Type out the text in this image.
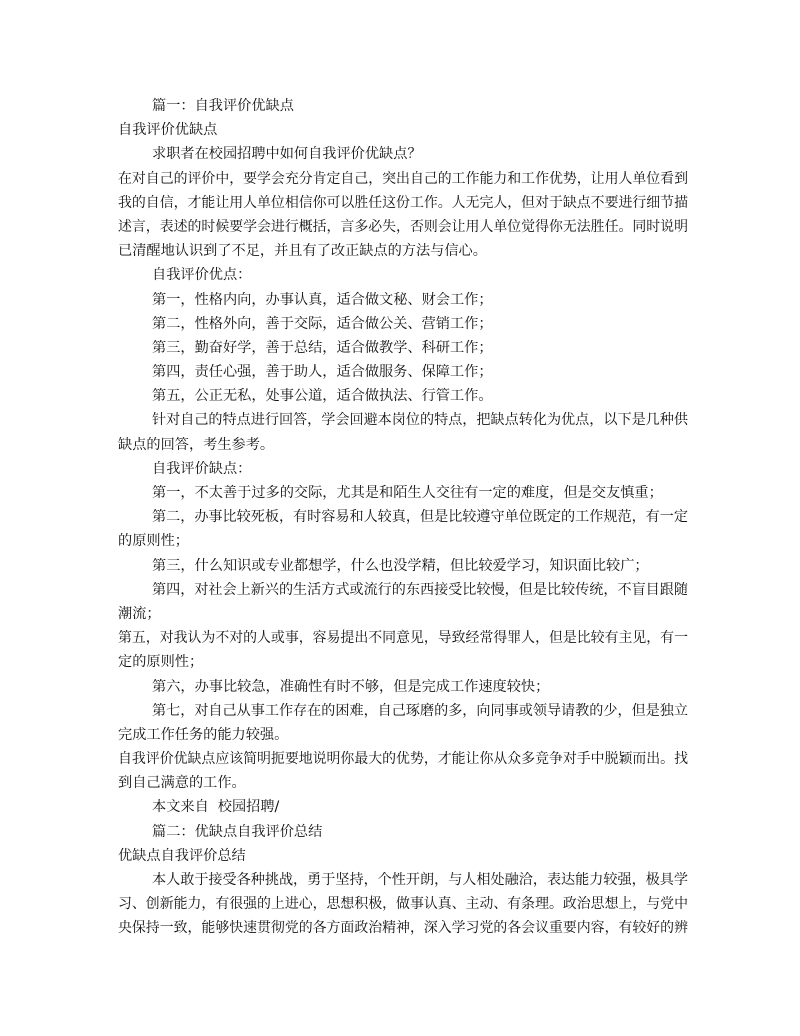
篇一：自我评价优缺点
自我评价优缺点
求职者在校园招聘中如何自我评价优缺点？
在对自己的评价中，要学会充分肯定自己，突出自己的工作能力和工作优势，让用人单位看到
我的自信，才能让用人单位相信你可以胜任这份工作。人无完人，但对于缺点不要进行细节描
述言，表述的时候要学会进行概括，言多必失，否则会让用人单位觉得你无法胜任。同时说明
已清醒地认识到了不足，并且有了改正缺点的方法与信心。
自我评价优点：
第一，性格内向，办事认真，适合做文秘、财会工作；
第二，性格外向，善于交际，适合做公关、营销工作；
第三，勤奋好学，善于总结，适合做教学、科研工作；
第四，责任心强，善于助人，适合做服务、保障工作；
第五，公正无私，处事公道，适合做执法、行管工作。
针对自己的特点进行回答，学会回避本岗位的特点，把缺点转化为优点，以下是几种供
缺点的回答，考生参考。
自我评价缺点：
第一，不太善于过多的交际，尤其是和陌生人交往有一定的难度，但是交友慎重；
第二，办事比较死板，有时容易和人较真，但是比较遵守单位既定的工作规范，有一定
的原则性；
第三，什么知识或专业都想学，什么也没学精，但比较爱学习，知识面比较广；
第四，对社会上新兴的生活方式或流行的东西接受比较慢，但是比较传统，不盲目跟随
潮流；
第五，对我认为不对的人或事，容易提出不同意见，导致经常得罪人，但是比较有主见，有一
定的原则性；
第六，办事比较急，准确性有时不够，但是完成工作速度较快；
第七，对自己从事工作存在的困难，自己琢磨的多，向同事或领导请教的少，但是独立
完成工作任务的能力较强。
自我评价优缺点应该简明扼要地说明你最大的优势，才能让你从众多竞争对手中脱颖而出。找
到自己满意的工作。
本文来自  校园招聘/
篇二：优缺点自我评价总结
优缺点自我评价总结
本人敢于接受各种挑战，勇于坚持，个性开朗，与人相处融洽，表达能力较强，极具学
习、创新能力，有很强的上进心，思想积极，做事认真、主动、有条理。政治思想上，与党中
央保持一致，能够快速贯彻党的各方面政治精神，深入学习党的各会议重要内容，有较好的辨
